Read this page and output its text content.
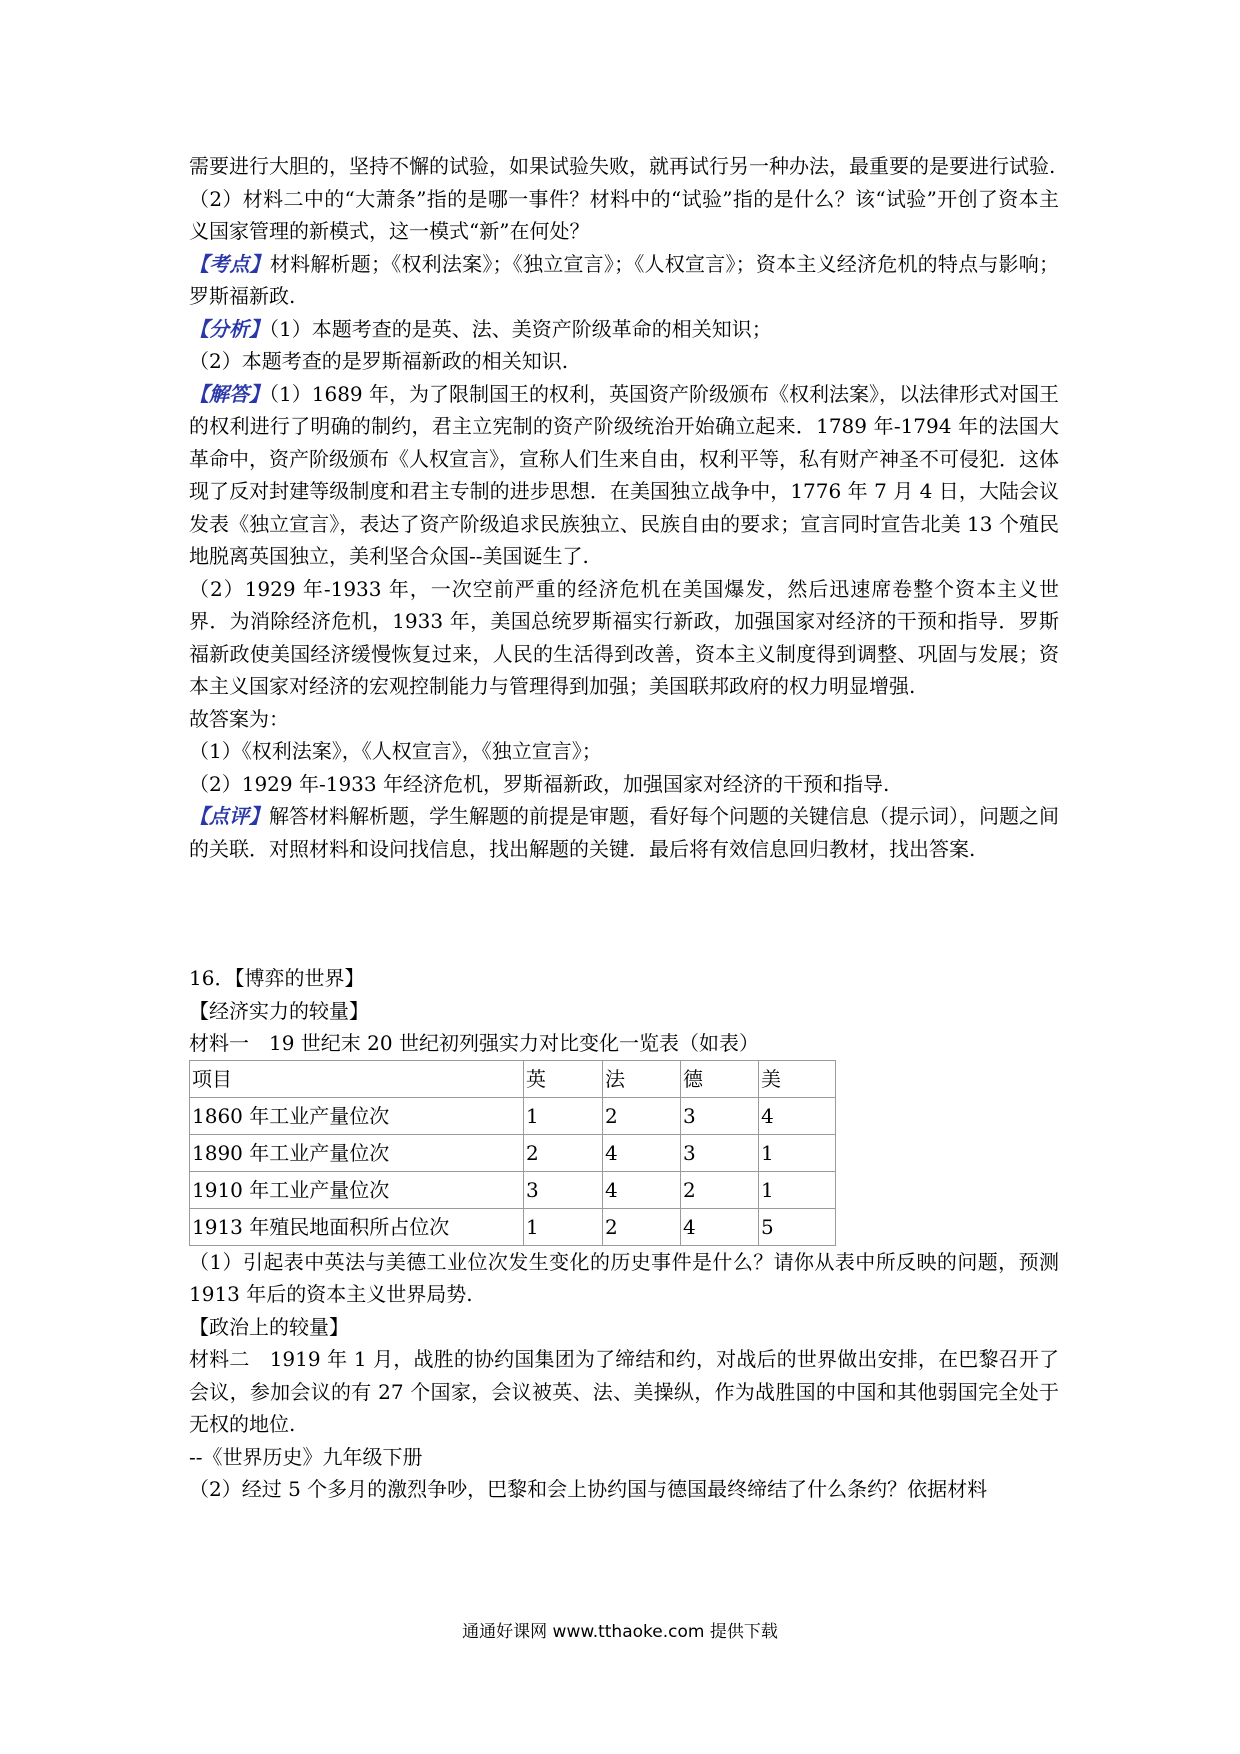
需要进行大胆的，坚持不懈的试验，如果试验失败，就再试行另一种办法，最重要的是要进行试验.

（2）材料二中的“大萧条”指的是哪一事件？材料中的“试验”指的是什么？该“试验”开创了资本主义国家管理的新模式，这一模式“新”在何处？

【考点】材料解析题；《权利法案》；《独立宣言》；《人权宣言》；资本主义经济危机的特点与影响；罗斯福新政.

【分析】（1）本题考查的是英、法、美资产阶级革命的相关知识；

（2）本题考查的是罗斯福新政的相关知识.

【解答】（1）1689 年，为了限制国王的权利，英国资产阶级颁布《权利法案》，以法律形式对国王的权利进行了明确的制约，君主立宪制的资产阶级统治开始确立起来．1789 年-1794 年的法国大革命中，资产阶级颁布《人权宣言》，宣称人们生来自由，权利平等，私有财产神圣不可侵犯．这体现了反对封建等级制度和君主专制的进步思想．在美国独立战争中，1776 年 7 月 4 日，大陆会议发表《独立宣言》，表达了资产阶级追求民族独立、民族自由的要求；宣言同时宣告北美 13 个殖民地脱离英国独立，美利坚合众国--美国诞生了.

（2）1929 年-1933 年，一次空前严重的经济危机在美国爆发，然后迅速席卷整个资本主义世界．为消除经济危机，1933 年，美国总统罗斯福实行新政，加强国家对经济的干预和指导．罗斯福新政使美国经济缓慢恢复过来，人民的生活得到改善，资本主义制度得到调整、巩固与发展；资本主义国家对经济的宏观控制能力与管理得到加强；美国联邦政府的权力明显增强.

故答案为：

（1）《权利法案》，《人权宣言》，《独立宣言》；

（2）1929 年-1933 年经济危机，罗斯福新政，加强国家对经济的干预和指导.

【点评】解答材料解析题，学生解题的前提是审题，看好每个问题的关键信息（提示词），问题之间的关联．对照材料和设问找信息，找出解题的关键．最后将有效信息回归教材，找出答案.

16．【博弈的世界】

【经济实力的较量】

材料一　19 世纪末 20 世纪初列强实力对比变化一览表（如表）

项目	英	法	德	美
1860 年工业产量位次	1	2	3	4
1890 年工业产量位次	2	4	3	1
1910 年工业产量位次	3	4	2	1
1913 年殖民地面积所占位次	1	2	4	5

（1）引起表中英法与美德工业位次发生变化的历史事件是什么？请你从表中所反映的问题，预测 1913 年后的资本主义世界局势.

【政治上的较量】

材料二　1919 年 1 月，战胜的协约国集团为了缔结和约，对战后的世界做出安排，在巴黎召开了会议，参加会议的有 27 个国家，会议被英、法、美操纵，作为战胜国的中国和其他弱国完全处于无权的地位.

--《世界历史》九年级下册

（2）经过 5 个多月的激烈争吵，巴黎和会上协约国与德国最终缔结了什么条约？依据材料

通通好课网 www.tthaoke.com 提供下载
